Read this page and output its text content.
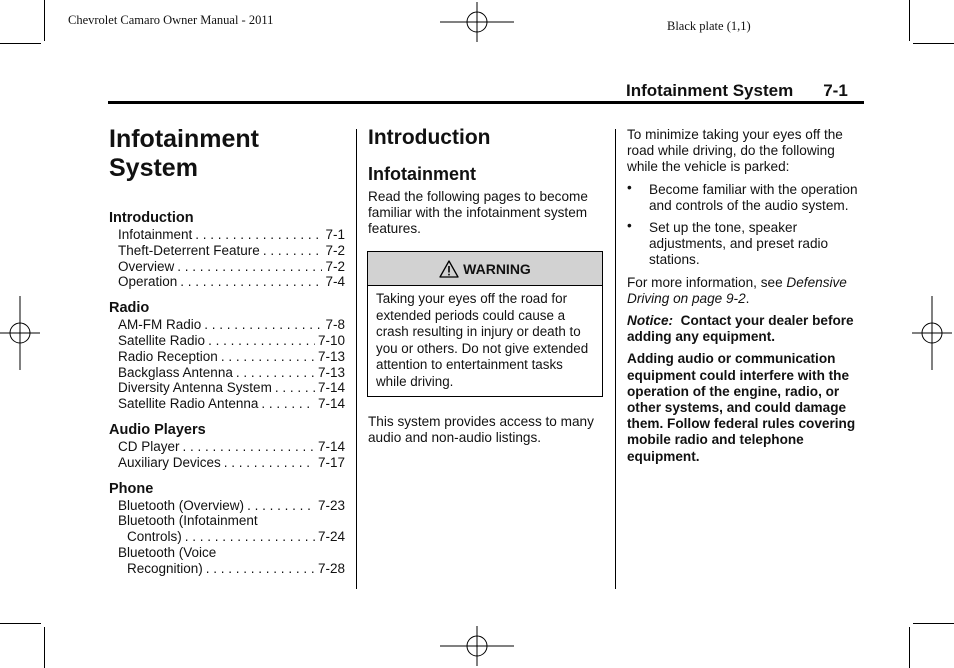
Chevrolet Camaro Owner Manual - 2011	Black plate (1,1)
Infotainment System 7-1
Infotainment System
Introduction
Infotainment . . .	7-1
Theft-Deterrent Feature . . .	7-2
Overview . . .	7-2
Operation . . .	7-4
Radio
AM-FM Radio . . .	7-8
Satellite Radio . . .	7-10
Radio Reception . . .	7-13
Backglass Antenna . . .	7-13
Diversity Antenna System . . .	7-14
Satellite Radio Antenna . . .	7-14
Audio Players
CD Player . . .	7-14
Auxiliary Devices . . .	7-17
Phone
Bluetooth (Overview) . . .	7-23
Bluetooth (Infotainment
Controls) . . .	7-24
Bluetooth (Voice
Recognition) . . .	7-28
Introduction
Infotainment

Read the following pages to become familiar with the infotainment system features.

WARNING
Taking your eyes off the road for extended periods could cause a crash resulting in injury or death to you or others. Do not give extended attention to entertainment tasks while driving.
This system provides access to many audio and non-audio listings.

To minimize taking your eyes off the road while driving, do the following while the vehicle is parked:

• Become familiar with the operation and controls of the audio system.
• Set up the tone, speaker adjustments, and preset radio stations.

For more information, see Defensive Driving on page 9-2.

Notice: Contact your dealer before adding any equipment.

Adding audio or communication equipment could interfere with the operation of the engine, radio, or other systems, and could damage them. Follow federal rules covering mobile radio and telephone equipment.
